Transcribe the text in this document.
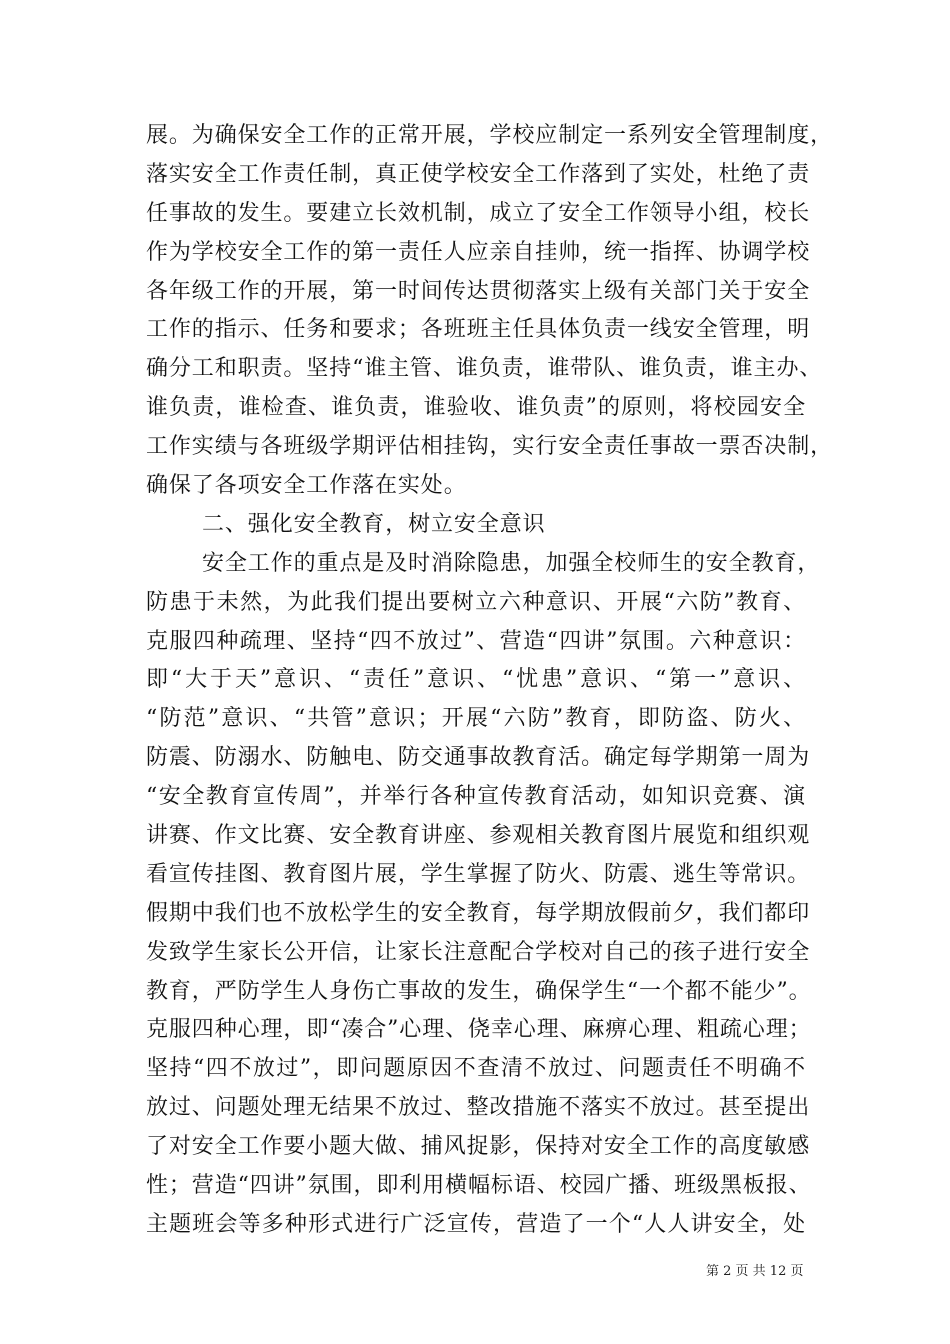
展。为确保安全工作的正常开展，学校应制定一系列安全管理制度，
落实安全工作责任制，真正使学校安全工作落到了实处，杜绝了责
任事故的发生。要建立长效机制，成立了安全工作领导小组，校长
作为学校安全工作的第一责任人应亲自挂帅，统一指挥、协调学校
各年级工作的开展，第一时间传达贯彻落实上级有关部门关于安全
工作的指示、任务和要求；各班班主任具体负责一线安全管理，明
确分工和职责。坚持“谁主管、谁负责，谁带队、谁负责，谁主办、
谁负责，谁检查、谁负责，谁验收、谁负责”的原则，将校园安全
工作实绩与各班级学期评估相挂钩，实行安全责任事故一票否决制，
确保了各项安全工作落在实处。
二、强化安全教育，树立安全意识
安全工作的重点是及时消除隐患，加强全校师生的安全教育，
防患于未然，为此我们提出要树立六种意识、开展“六防”教育、
克服四种疏理、坚持“四不放过”、营造“四讲”氛围。六种意识：
即“大于天”意识、“责任”意识、“忧患”意识、“第一”意识、
“防范”意识、“共管”意识；开展“六防”教育，即防盗、防火、
防震、防溺水、防触电、防交通事故教育活。确定每学期第一周为
“安全教育宣传周”，并举行各种宣传教育活动，如知识竞赛、演
讲赛、作文比赛、安全教育讲座、参观相关教育图片展览和组织观
看宣传挂图、教育图片展，学生掌握了防火、防震、逃生等常识。
假期中我们也不放松学生的安全教育，每学期放假前夕，我们都印
发致学生家长公开信，让家长注意配合学校对自己的孩子进行安全
教育，严防学生人身伤亡事故的发生，确保学生“一个都不能少”。
克服四种心理，即“凑合”心理、侥幸心理、麻痹心理、粗疏心理；
坚持“四不放过”，即问题原因不查清不放过、问题责任不明确不
放过、问题处理无结果不放过、整改措施不落实不放过。甚至提出
了对安全工作要小题大做、捕风捉影，保持对安全工作的高度敏感
性；营造“四讲”氛围，即利用横幅标语、校园广播、班级黑板报、
主题班会等多种形式进行广泛宣传，营造了一个“人人讲安全，处
第 2 页 共 12 页
